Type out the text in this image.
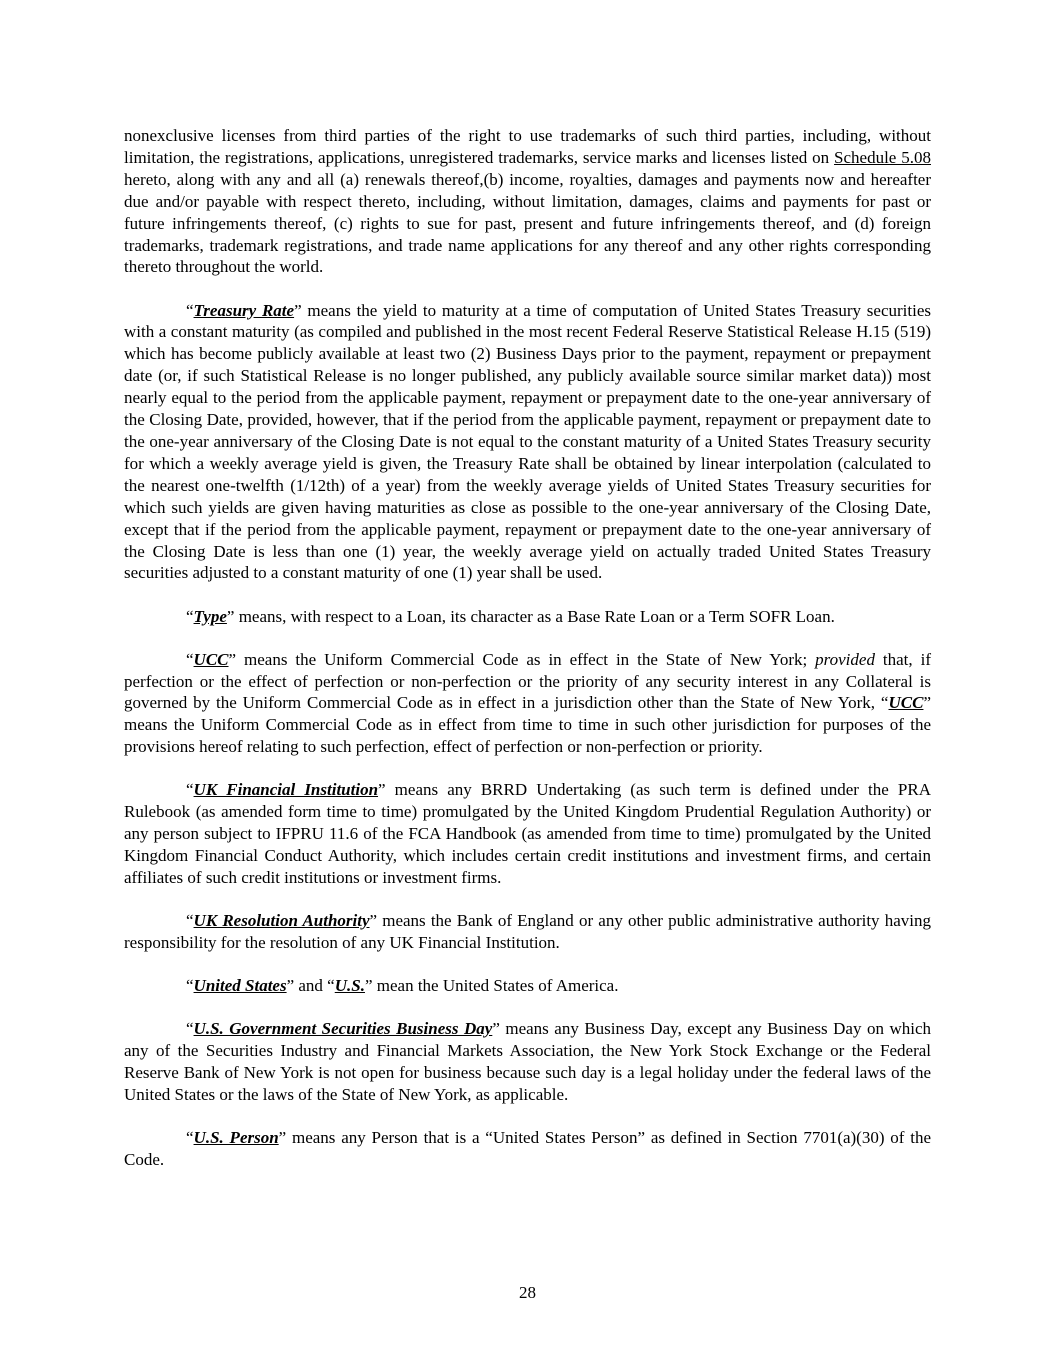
nonexclusive licenses from third parties of the right to use trademarks of such third parties, including, without limitation, the registrations, applications, unregistered trademarks, service marks and licenses listed on Schedule 5.08 hereto, along with any and all (a) renewals thereof,(b) income, royalties, damages and payments now and hereafter due and/or payable with respect thereto, including, without limitation, damages, claims and payments for past or future infringements thereof, (c) rights to sue for past, present and future infringements thereof, and (d) foreign trademarks, trademark registrations, and trade name applications for any thereof and any other rights corresponding thereto throughout the world.

“Treasury Rate” means the yield to maturity at a time of computation of United States Treasury securities with a constant maturity (as compiled and published in the most recent Federal Reserve Statistical Release H.15 (519) which has become publicly available at least two (2) Business Days prior to the payment, repayment or prepayment date (or, if such Statistical Release is no longer published, any publicly available source similar market data)) most nearly equal to the period from the applicable payment, repayment or prepayment date to the one-year anniversary of the Closing Date, provided, however, that if the period from the applicable payment, repayment or prepayment date to the one-year anniversary of the Closing Date is not equal to the constant maturity of a United States Treasury security for which a weekly average yield is given, the Treasury Rate shall be obtained by linear interpolation (calculated to the nearest one-twelfth (1/12th) of a year) from the weekly average yields of United States Treasury securities for which such yields are given having maturities as close as possible to the one-year anniversary of the Closing Date, except that if the period from the applicable payment, repayment or prepayment date to the one-year anniversary of the Closing Date is less than one (1) year, the weekly average yield on actually traded United States Treasury securities adjusted to a constant maturity of one (1) year shall be used.

“Type” means, with respect to a Loan, its character as a Base Rate Loan or a Term SOFR Loan.

“UCC” means the Uniform Commercial Code as in effect in the State of New York; provided that, if perfection or the effect of perfection or non-perfection or the priority of any security interest in any Collateral is governed by the Uniform Commercial Code as in effect in a jurisdiction other than the State of New York, “UCC” means the Uniform Commercial Code as in effect from time to time in such other jurisdiction for purposes of the provisions hereof relating to such perfection, effect of perfection or non-perfection or priority.

“UK Financial Institution” means any BRRD Undertaking (as such term is defined under the PRA Rulebook (as amended form time to time) promulgated by the United Kingdom Prudential Regulation Authority) or any person subject to IFPRU 11.6 of the FCA Handbook (as amended from time to time) promulgated by the United Kingdom Financial Conduct Authority, which includes certain credit institutions and investment firms, and certain affiliates of such credit institutions or investment firms.

“UK Resolution Authority” means the Bank of England or any other public administrative authority having responsibility for the resolution of any UK Financial Institution.

“United States” and “U.S.” mean the United States of America.

“U.S. Government Securities Business Day” means any Business Day, except any Business Day on which any of the Securities Industry and Financial Markets Association, the New York Stock Exchange or the Federal Reserve Bank of New York is not open for business because such day is a legal holiday under the federal laws of the United States or the laws of the State of New York, as applicable.

“U.S. Person” means any Person that is a “United States Person” as defined in Section 7701(a)(30) of the Code.

28
